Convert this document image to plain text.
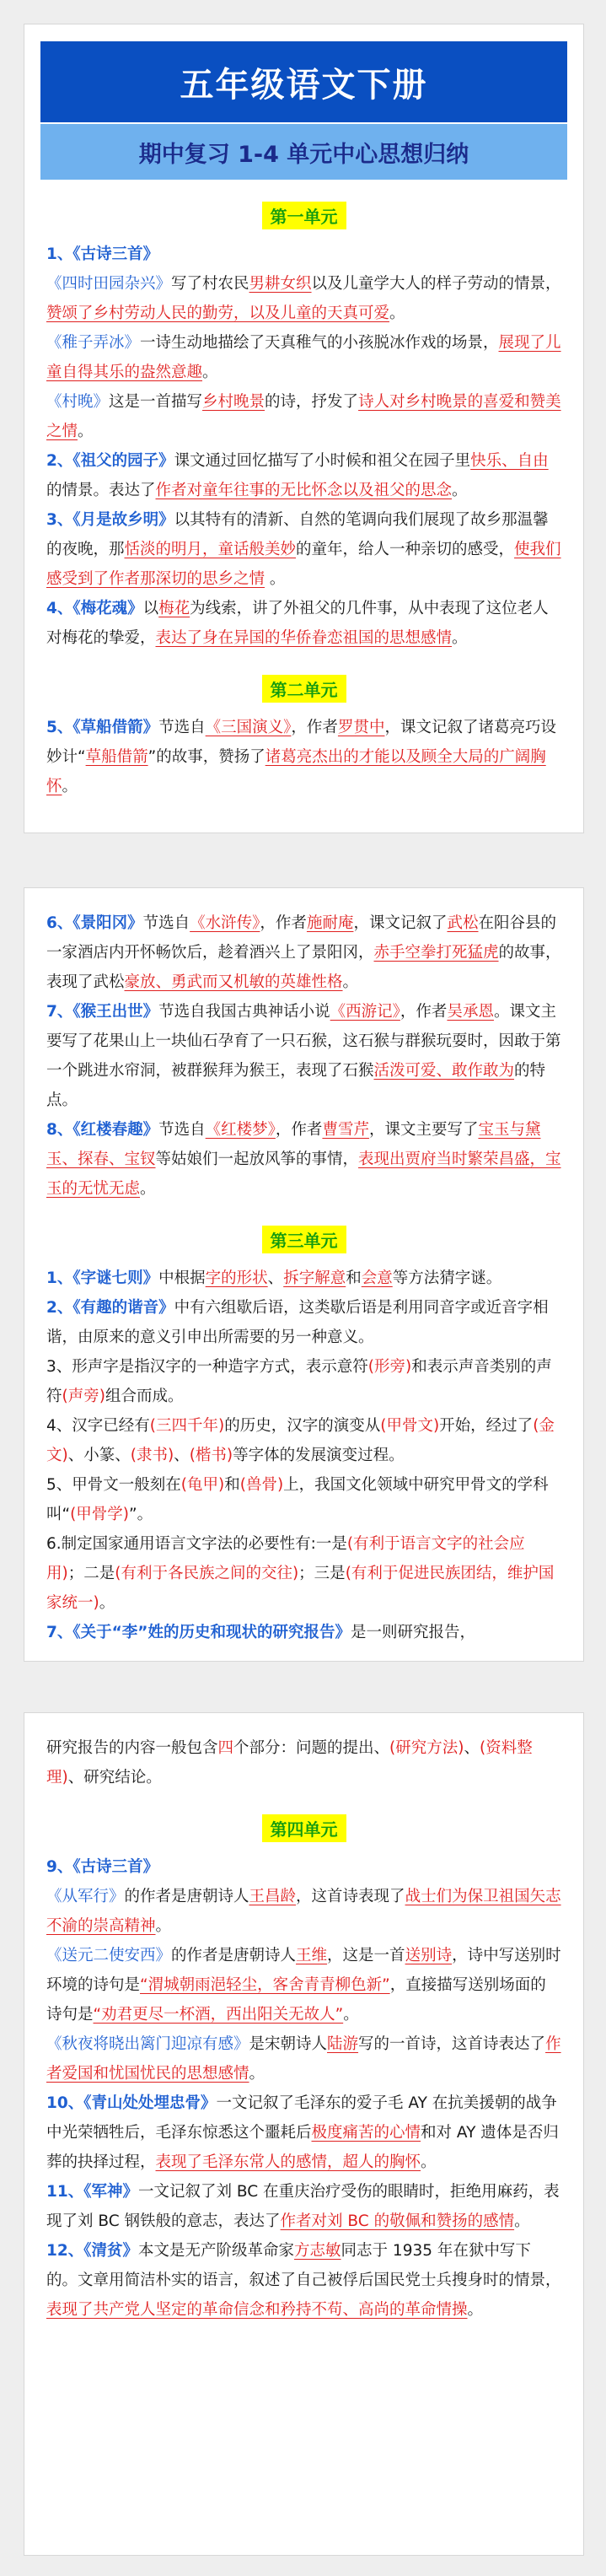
五年级语文下册
期中复习 1-4 单元中心思想归纳
第一单元

1、《古诗三首》

《四时田园杂兴》写了村农民男耕女织以及儿童学大人的样子劳动的情景，赞颂了乡村劳动人民的勤劳，以及儿童的天真可爱。

《稚子弄冰》一诗生动地描绘了天真稚气的小孩脱冰作戏的场景，展现了儿童自得其乐的盎然意趣。

《村晚》这是一首描写乡村晚景的诗，抒发了诗人对乡村晚景的喜爱和赞美之情。

2、《祖父的园子》课文通过回忆描写了小时候和祖父在园子里快乐、自由的情景。表达了作者对童年往事的无比怀念以及祖父的思念。

3、《月是故乡明》以其特有的清新、自然的笔调向我们展现了故乡那温馨的夜晚，那恬淡的明月，童话般美妙的童年，给人一种亲切的感受，使我们感受到了作者那深切的思乡之情 。

4、《梅花魂》以梅花为线索，讲了外祖父的几件事，从中表现了这位老人对梅花的挚爱，表达了身在异国的华侨眷恋祖国的思想感情。

第二单元

5、《草船借箭》节选自《三国演义》，作者罗贯中，课文记叙了诸葛亮巧设妙计“草船借箭”的故事，赞扬了诸葛亮杰出的才能以及顾全大局的广阔胸怀。

6、《景阳冈》节选自《水浒传》，作者施耐庵，课文记叙了武松在阳谷县的一家酒店内开怀畅饮后，趁着酒兴上了景阳冈，赤手空拳打死猛虎的故事，表现了武松豪放、勇武而又机敏的英雄性格。

7、《猴王出世》节选自我国古典神话小说《西游记》，作者吴承恩。课文主要写了花果山上一块仙石孕育了一只石猴，这石猴与群猴玩耍时，因敢于第一个跳进水帘洞，被群猴拜为猴王，表现了石猴活泼可爱、敢作敢为的特点。

8、《红楼春趣》节选自《红楼梦》，作者曹雪芹，课文主要写了宝玉与黛玉、探春、宝钗等姑娘们一起放风筝的事情，表现出贾府当时繁荣昌盛，宝玉的无忧无虑。

第三单元

1、《字谜七则》中根据字的形状、拆字解意和会意等方法猜字谜。

2、《有趣的谐音》中有六组歇后语，这类歇后语是利用同音字或近音字相谐，由原来的意义引申出所需要的另一种意义。

3、形声字是指汉字的一种造字方式，表示意符(形旁)和表示声音类别的声符(声旁)组合而成。

4、汉字已经有(三四千年)的历史，汉字的演变从(甲骨文)开始，经过了(金文)、小篆、(隶书)、(楷书)等字体的发展演变过程。

5、甲骨文一般刻在(龟甲)和(兽骨)上，我国文化领域中研究甲骨文的学科叫“(甲骨学)”。

6.制定国家通用语言文字法的必要性有:一是(有利于语言文字的社会应用)；二是(有利于各民族之间的交往)；三是(有利于促进民族团结，维护国家统一)。

7、《关于“李”姓的历史和现状的研究报告》是一则研究报告，

研究报告的内容一般包含四个部分：问题的提出、(研究方法)、(资料整理)、研究结论。

第四单元

9、《古诗三首》

《从军行》的作者是唐朝诗人王昌龄，这首诗表现了战士们为保卫祖国矢志不渝的崇高精神。

《送元二使安西》的作者是唐朝诗人王维，这是一首送别诗，诗中写送别时环境的诗句是“渭城朝雨浥轻尘，客舍青青柳色新”，直接描写送别场面的诗句是“劝君更尽一杯酒，西出阳关无故人”。

《秋夜将晓出篱门迎凉有感》是宋朝诗人陆游写的一首诗，这首诗表达了作者爱国和忧国忧民的思想感情。

10、《青山处处埋忠骨》一文记叙了毛泽东的爱子毛 AY 在抗美援朝的战争中光荣牺牲后，毛泽东惊悉这个噩耗后极度痛苦的心情和对 AY 遗体是否归葬的抉择过程，表现了毛泽东常人的感情，超人的胸怀。

11、《军神》一文记叙了刘 BC 在重庆治疗受伤的眼睛时，拒绝用麻药，表现了刘 BC 钢铁般的意志，表达了作者对刘 BC 的敬佩和赞扬的感情。

12、《清贫》本文是无产阶级革命家方志敏同志于 1935 年在狱中写下的。文章用简洁朴实的语言，叙述了自己被俘后国民党士兵搜身时的情景，表现了共产党人坚定的革命信念和矜持不苟、高尚的革命情操。
